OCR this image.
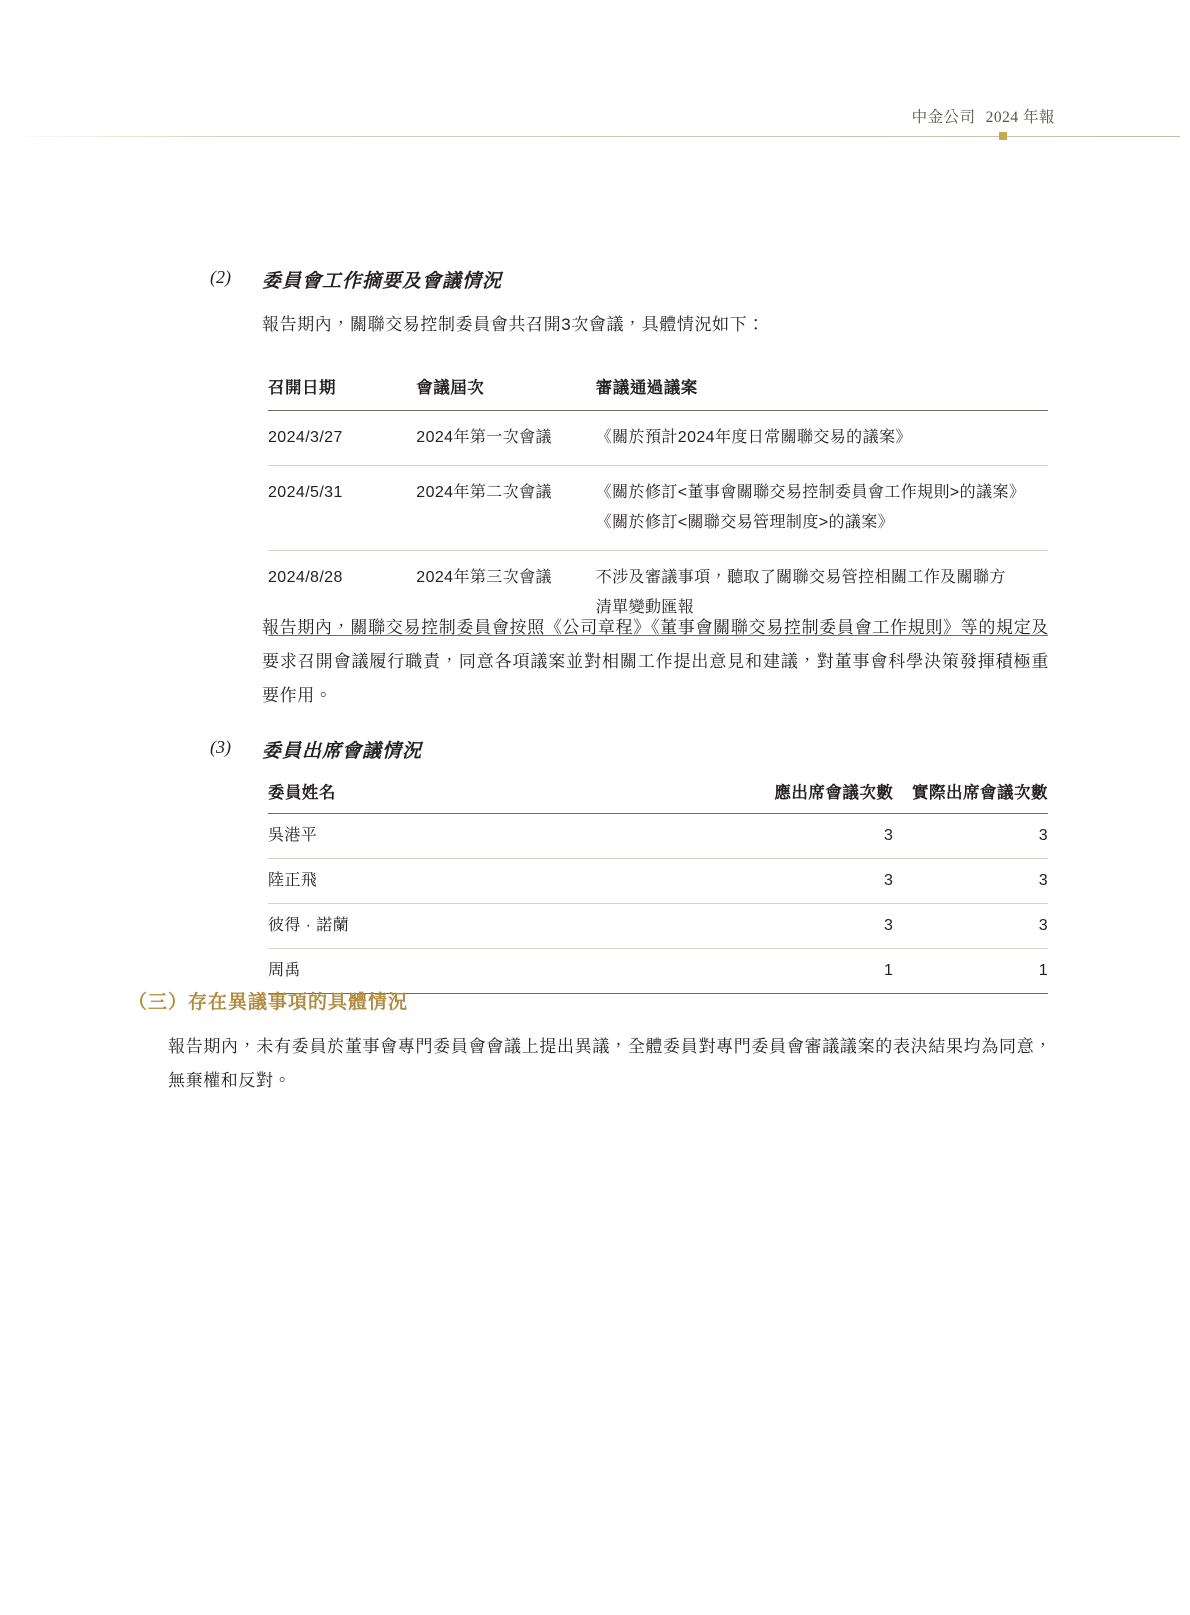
中金公司 2024 年報
(2) 委員會工作摘要及會議情況
報告期內，關聯交易控制委員會共召開3次會議，具體情況如下：
召開日期	會議屆次	審議通過議案
2024/3/27	2024年第一次會議	《關於預計2024年度日常關聯交易的議案》

2024/5/31	2024年第二次會議	《關於修訂<董事會關聯交易控制委員會工作規則>的議案》
《關於修訂<關聯交易管理制度>的議案》

2024/8/28	2024年第三次會議	不涉及審議事項，聽取了關聯交易管控相關工作及關聯方
清單變動匯報
報告期內，關聯交易控制委員會按照《公司章程》《董事會關聯交易控制委員會工作規則》等的規定及要求召開會議履行職責，同意各項議案並對相關工作提出意見和建議，對董事會科學決策發揮積極重要作用。
(3) 委員出席會議情況
委員姓名	應出席會議次數	實際出席會議次數
吳港平	3	3
陸正飛	3	3
彼得 · 諾蘭	3	3
周禹	1	1
（三）存在異議事項的具體情況
報告期內，未有委員於董事會專門委員會會議上提出異議，全體委員對專門委員會審議議案的表決結果均為同意，無棄權和反對。
